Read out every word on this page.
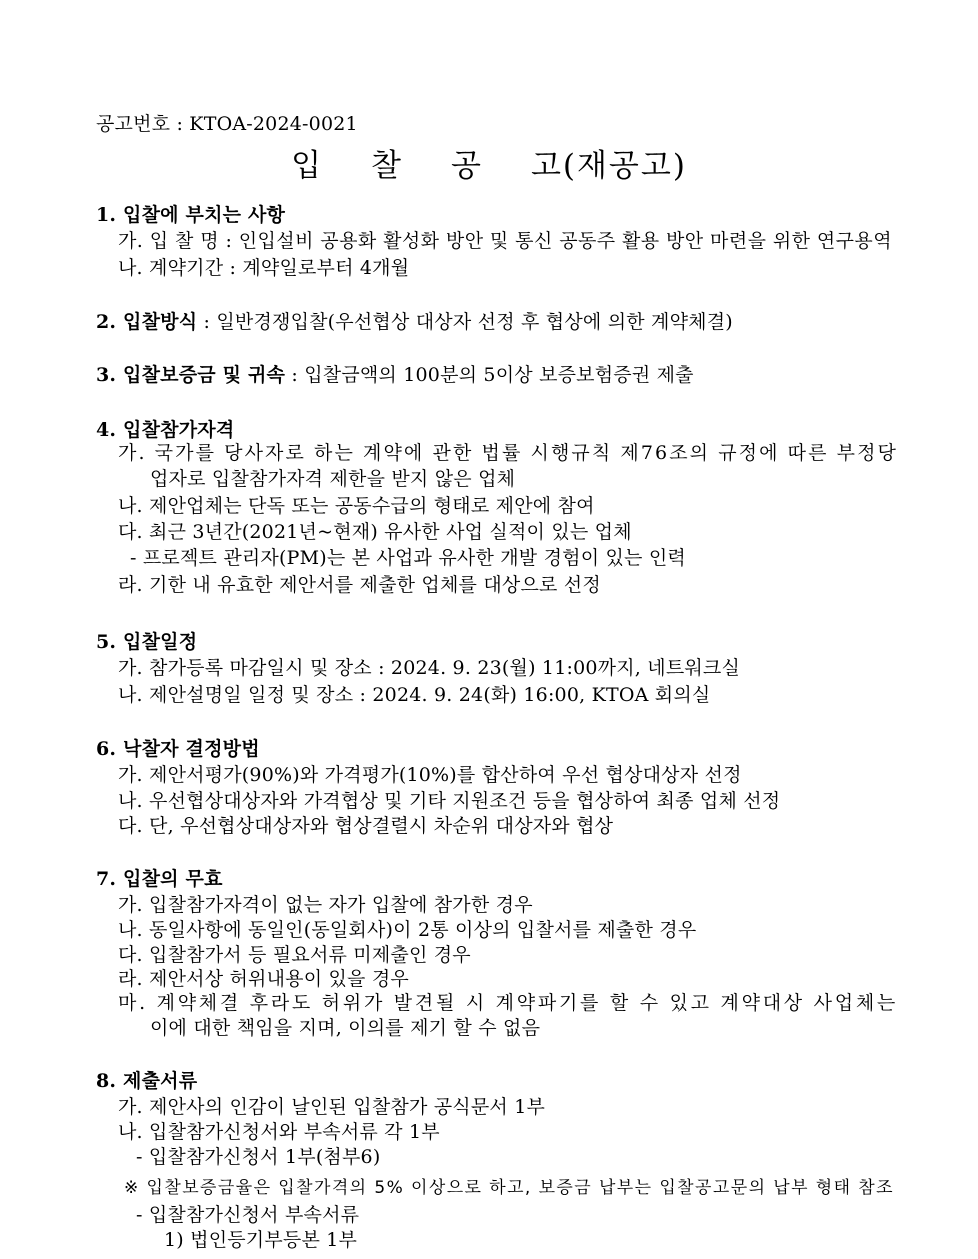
공고번호 : KTOA-2024-0021
입 찰 공 고(재공고)
1. 입찰에 부치는 사항
가. 입 찰 명 : 인입설비 공용화 활성화 방안 및 통신 공동주 활용 방안 마련을 위한 연구용역
나. 계약기간 : 계약일로부터 4개월
2. 입찰방식 : 일반경쟁입찰(우선협상 대상자 선정 후 협상에 의한 계약체결)
3. 입찰보증금 및 귀속 : 입찰금액의 100분의 5이상 보증보험증권 제출
4. 입찰참가자격
가. 국가를 당사자로 하는 계약에 관한 법률 시행규칙 제76조의 규정에 따른 부정당
업자로 입찰참가자격 제한을 받지 않은 업체
나. 제안업체는 단독 또는 공동수급의 형태로 제안에 참여
다. 최근 3년간(2021년~현재) 유사한 사업 실적이 있는 업체
- 프로젝트 관리자(PM)는 본 사업과 유사한 개발 경험이 있는 인력
라. 기한 내 유효한 제안서를 제출한 업체를 대상으로 선정
5. 입찰일정
가. 참가등록 마감일시 및 장소 : 2024. 9. 23(월) 11:00까지, 네트워크실
나. 제안설명일 일정 및 장소 : 2024. 9. 24(화) 16:00, KTOA 회의실
6. 낙찰자 결정방법
가. 제안서평가(90%)와 가격평가(10%)를 합산하여 우선 협상대상자 선정
나. 우선협상대상자와 가격협상 및 기타 지원조건 등을 협상하여 최종 업체 선정
다. 단, 우선협상대상자와 협상결렬시 차순위 대상자와 협상
7. 입찰의 무효
가. 입찰참가자격이 없는 자가 입찰에 참가한 경우
나. 동일사항에 동일인(동일회사)이 2통 이상의 입찰서를 제출한 경우
다. 입찰참가서 등 필요서류 미제출인 경우
라. 제안서상 허위내용이 있을 경우
마. 계약체결 후라도 허위가 발견될 시 계약파기를 할 수 있고 계약대상 사업체는
이에 대한 책임을 지며, 이의를 제기 할 수 없음
8. 제출서류
가. 제안사의 인감이 날인된 입찰참가 공식문서 1부
나. 입찰참가신청서와 부속서류 각 1부
- 입찰참가신청서 1부(첨부6)
※ 입찰보증금율은 입찰가격의 5% 이상으로 하고, 보증금 납부는 입찰공고문의 납부 형태 참조
- 입찰참가신청서 부속서류
1) 법인등기부등본 1부
